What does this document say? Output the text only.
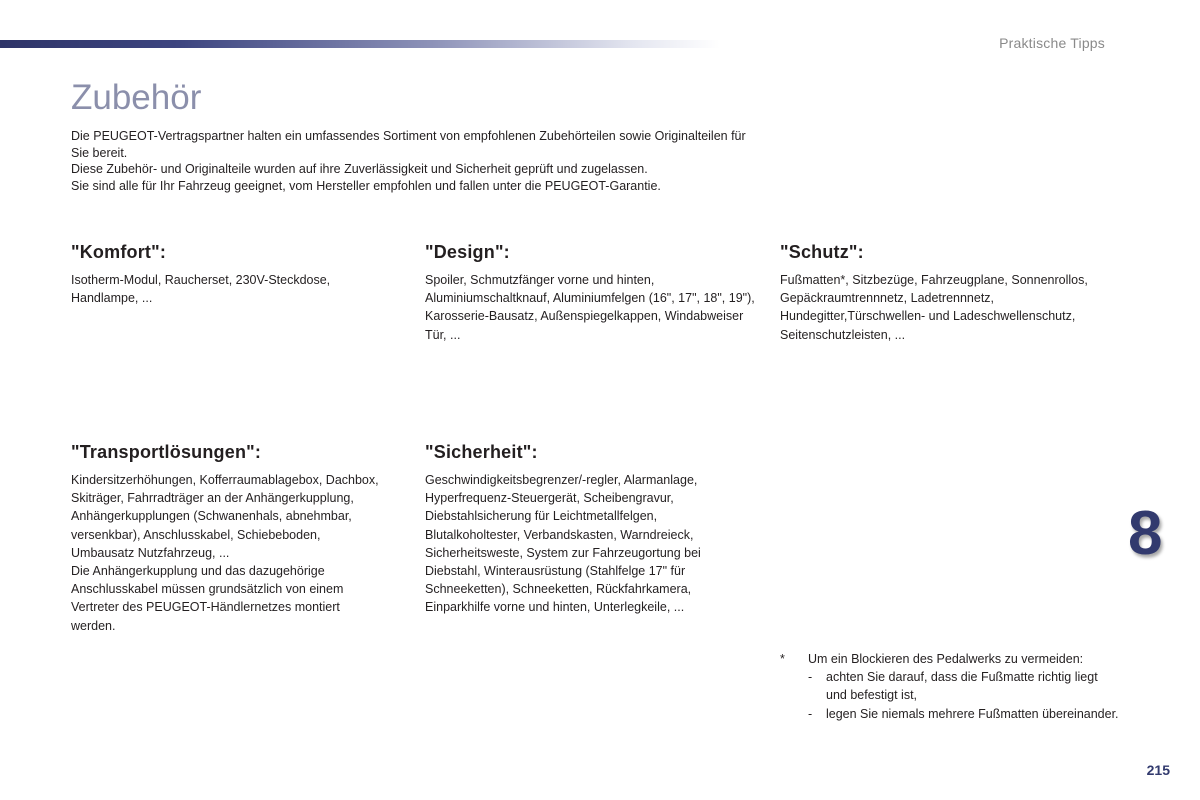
Praktische Tipps
Zubehör

Die PEUGEOT-Vertragspartner halten ein umfassendes Sortiment von empfohlenen Zubehörteilen sowie Originalteilen für Sie bereit.

Diese Zubehör- und Originalteile wurden auf ihre Zuverlässigkeit und Sicherheit geprüft und zugelassen.

Sie sind alle für Ihr Fahrzeug geeignet, vom Hersteller empfohlen und fallen unter die PEUGEOT-Garantie.

"Komfort":

Isotherm-Modul, Raucherset, 230V-Steckdose, Handlampe, ...

"Design":

Spoiler, Schmutzfänger vorne und hinten, Aluminiumschaltknauf, Aluminiumfelgen (16", 17", 18", 19"), Karosserie-Bausatz, Außenspiegelkappen, Windabweiser Tür, ...

"Schutz":

Fußmatten*, Sitzbezüge, Fahrzeugplane, Sonnenrollos, Gepäckraumtrennnetz, Ladetrennnetz, Hundegitter,Türschwellen- und Ladeschwellenschutz, Seitenschutzleisten, ...

"Transportlösungen":

Kindersitzerhöhungen, Kofferraumablagebox, Dachbox, Skiträger, Fahrradträger an der Anhängerkupplung, Anhängerkupplungen (Schwanenhals, abnehmbar, versenkbar), Anschlusskabel, Schiebeboden, Umbausatz Nutzfahrzeug, ...

Die Anhängerkupplung und das dazugehörige Anschlusskabel müssen grundsätzlich von einem Vertreter des PEUGEOT-Händlernetzes montiert werden.

"Sicherheit":

Geschwindigkeitsbegrenzer/-regler, Alarmanlage, Hyperfrequenz-Steuergerät, Scheibengravur, Diebstahlsicherung für Leichtmetallfelgen, Blutalkoholtester, Verbandskasten, Warndreieck, Sicherheitsweste, System zur Fahrzeugortung bei Diebstahl, Winterausrüstung (Stahlfelge 17" für Schneeketten), Schneeketten, Rückfahrkamera, Einparkhilfe vorne und hinten, Unterlegkeile, ...

8
*	Um ein Blockieren des Pedalwerks zu vermeiden:
-	achten Sie darauf, dass die Fußmatte richtig liegt und befestigt ist,
-	legen Sie niemals mehrere Fußmatten übereinander.
215
